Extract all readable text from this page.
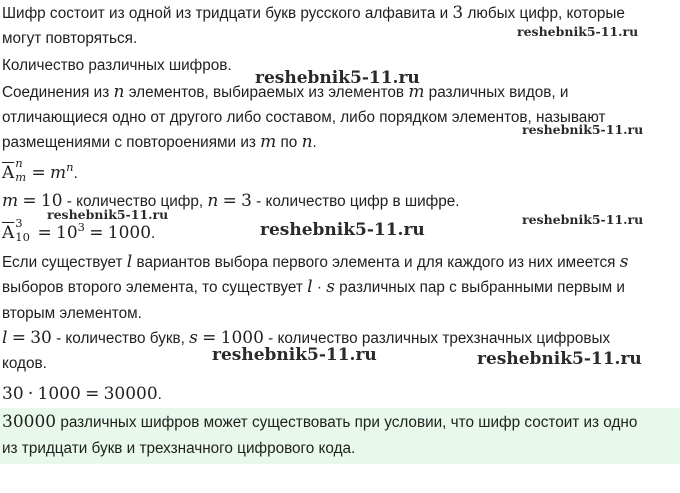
Шифр состоит из одной из тридцати букв русского алфавита и 3 любых цифр, которые
могут повторяться.
Количество различных шифров.
Соединения из n элементов, выбираемых из элементов m различных видов, и
отличающиеся одно от другого либо составом, либо порядком элементов, называют
размещениями с повтороениями из m по n.
$\overline{A}$ n
$m = m^n$.
m = 10 - количество цифр, n = 3 - количество цифр в шифре.
$\overline{A}$ 3
$10 = 10^3 = 1000$.
Если существует l вариантов выбора первого элемента и для каждого из них имеется s
выборов второго элемента, то существует l · s различных пар с выбранными первым и
вторым элементом.
l = 30 - количество букв, s = 1000 - количество различных трехзначных цифровых
кодов.
30 · 1000 = 30000.
30000 различных шифров может существовать при условии, что шифр состоит из одно
из тридцати букв и трехзначного цифрового кода.
reshebnik5-11.ru
reshebnik5-11.ru
reshebnik5-11.ru
reshebnik5-11.ru	reshebnik5-11.ru
reshebnik5-11.ru
reshebnik5-11.ru	reshebnik5-11.ru
